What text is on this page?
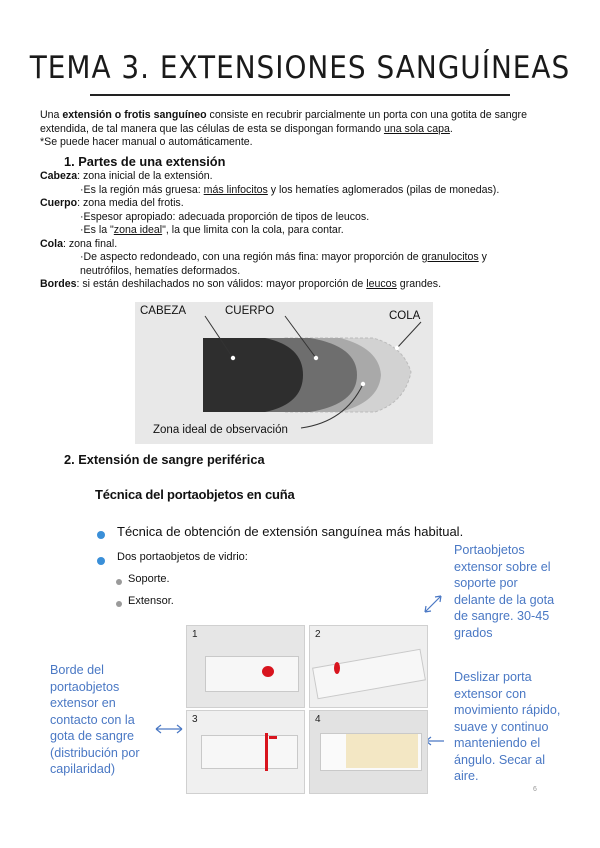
TEMA 3. EXTENSIONES SANGUÍNEAS
Una extensión o frotis sanguíneo consiste en recubrir parcialmente un porta con una gotita de sangre
extendida, de tal manera que las células de esta se dispongan formando una sola capa.
*Se puede hacer manual o automáticamente.
1. Partes de una extensión
Cabeza: zona inicial de la extensión.
·Es la región más gruesa: más linfocitos y los hematíes aglomerados (pilas de monedas).
Cuerpo: zona media del frotis.
·Espesor apropiado: adecuada proporción de tipos de leucos.
·Es la "zona ideal", la que limita con la cola, para contar.
Cola: zona final.
·De aspecto redondeado, con una región más fina: mayor proporción de granulocitos y
neutrófilos, hematíes deformados.
Bordes: si están deshilachados no son válidos: mayor proporción de leucos grandes.
CABEZA	CUERPO	COLA
Zona ideal de observación
2. Extensión de sangre periférica
Técnica del portaobjetos en cuña
Técnica de obtención de extensión sanguínea más habitual.
Dos portaobjetos de vidrio:
Soporte.
Extensor.
Portaobjetos
extensor sobre el
soporte por
delante de la gota
de sangre. 30-45
grados
Borde del
portaobjetos
extensor en
contacto con la
gota de sangre
(distribución por
capilaridad)
Deslizar porta
extensor con
movimiento rápido,
suave y continuo
manteniendo el
ángulo. Secar al
aire.
1	2
3	4
6
